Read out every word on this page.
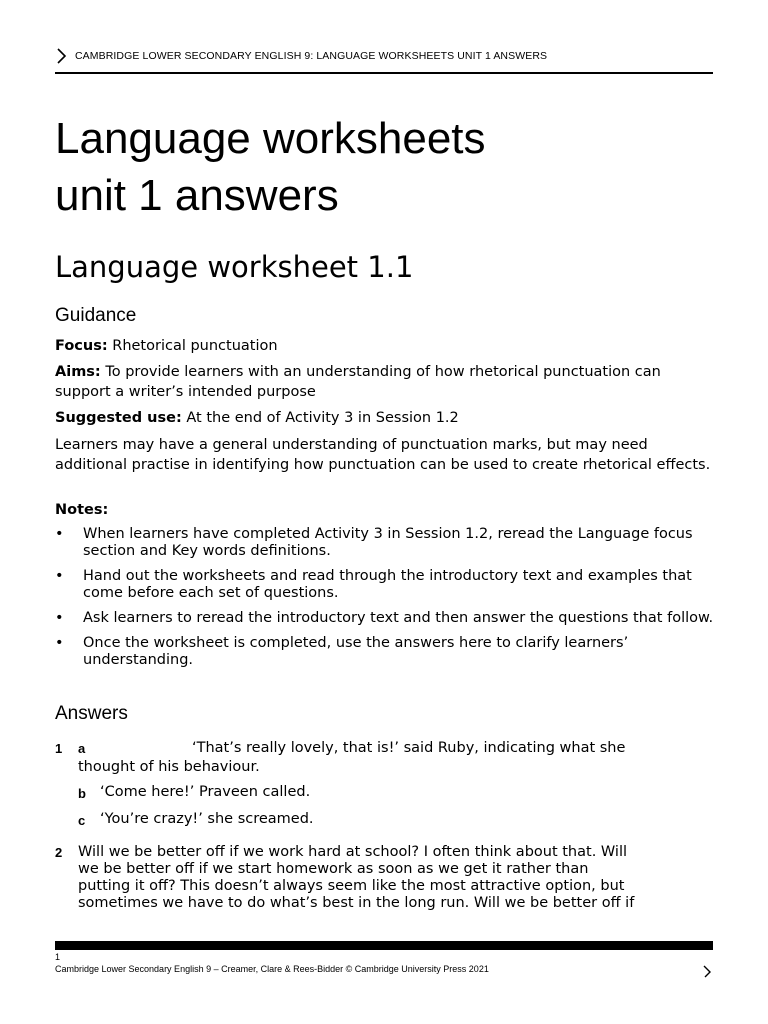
CAMBRIDGE LOWER SECONDARY ENGLISH 9: LANGUAGE WORKSHEETS UNIT 1 ANSWERS
Language worksheets
unit 1 answers
Language worksheet 1.1
Guidance

Focus: Rhetorical punctuation

Aims: To provide learners with an understanding of how rhetorical punctuation can support a writer’s intended purpose

Suggested use: At the end of Activity 3 in Session 1.2

Learners may have a general understanding of punctuation marks, but may need additional practise in identifying how punctuation can be used to create rhetorical effects.

Notes:

• When learners have completed Activity 3 in Session 1.2, reread the Language focus section and Key words definitions.
• Hand out the worksheets and read through the introductory text and examples that come before each set of questions.
• Ask learners to reread the introductory text and then answer the questions that follow.
• Once the worksheet is completed, use the answers here to clarify learners’ understanding.
Answers
1 a	‘That’s really lovely, that is!’ said Ruby, indicating what she
thought of his behaviour.
b ‘Come here!’ Praveen called.
c ‘You’re crazy!’ she screamed.
2 Will we be better off if we work hard at school? I often think about that. Will
we be better off if we start homework as soon as we get it rather than
putting it off? This doesn’t always seem like the most attractive option, but
sometimes we have to do what’s best in the long run. Will we be better off if
1
Cambridge Lower Secondary English 9 – Creamer, Clare & Rees-Bidder © Cambridge University Press 2021
